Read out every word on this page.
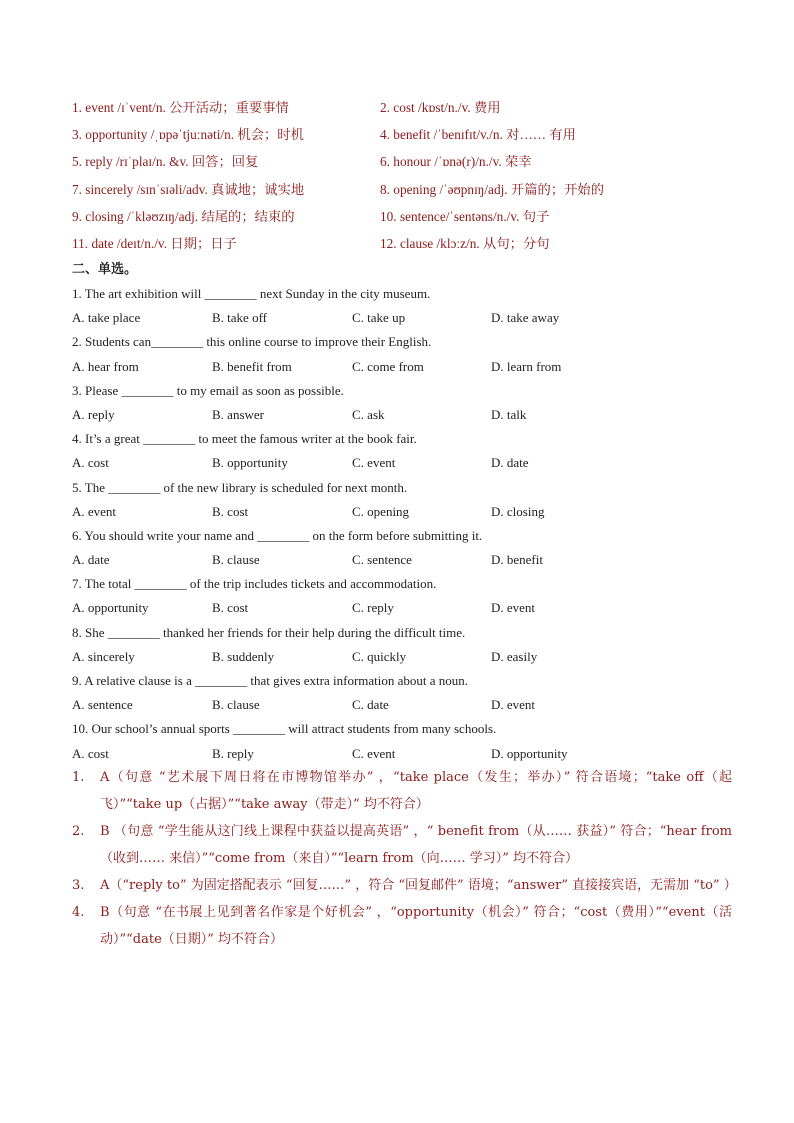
1. event /ɪˈvent/n. 公开活动；重要事情	2. cost /kɒst/n./v. 费用
3. opportunity /ˌɒpəˈtjuːnəti/n. 机会；时机	4. benefit /ˈbenɪfɪt/v./n. 对…… 有用
5. reply /rɪˈplaɪ/n. &v. 回答；回复	6. honour /ˈɒnə(r)/n./v. 荣幸
7. sincerely /sɪnˈsɪəli/adv. 真诚地；诚实地	8. opening /ˈəʊpnɪŋ/adj. 开篇的；开始的
9. closing /ˈkləʊzɪŋ/adj. 结尾的；结束的	10. sentence/ˈsentəns/n./v. 句子
11. date /deɪt/n./v. 日期；日子	12. clause /klɔːz/n. 从句；分句
二、单选。
1. The art exhibition will ________ next Sunday in the city museum.
A. take place	B. take off	C. take up	D. take away
2. Students can________ this online course to improve their English.
A. hear from	B. benefit from	C. come from	D. learn from
3. Please ________ to my email as soon as possible.
A. reply	B. answer	C. ask	D. talk
4. It’s a great ________ to meet the famous writer at the book fair.
A. cost	B. opportunity	C. event	D. date
5. The ________ of the new library is scheduled for next month.
A. event	B. cost	C. opening	D. closing
6. You should write your name and ________ on the form before submitting it.
A. date	B. clause	C. sentence	D. benefit
7. The total ________ of the trip includes tickets and accommodation.
A. opportunity	B. cost	C. reply	D. event
8. She ________ thanked her friends for their help during the difficult time.
A. sincerely	B. suddenly	C. quickly	D. easily
9. A relative clause is a ________ that gives extra information about a noun.
A. sentence	B. clause	C. date	D. event
10. Our school’s annual sports ________ will attract students from many schools.
A. cost	B. reply	C. event	D. opportunity
1.	A（句意 “艺术展下周日将在市博物馆举办” ，“take place（发生；举办）” 符合语境；“take off（起飞）”“take up（占据）”“take away（带走）” 均不符合）
2.	B （句意 “学生能从这门线上课程中获益以提高英语” ，“ benefit from（从…… 获益）” 符合；“hear from（收到…… 来信）”“come from（来自）”“learn from（向…… 学习）” 均不符合）
3.	A（“reply to” 为固定搭配表示 “回复……” ，符合 “回复邮件” 语境；“answer” 直接接宾语，无需加 “to” ）
4.	B（句意 “在书展上见到著名作家是个好机会” ，“opportunity（机会）” 符合；“cost（费用）”“event（活动）”“date（日期）” 均不符合）
